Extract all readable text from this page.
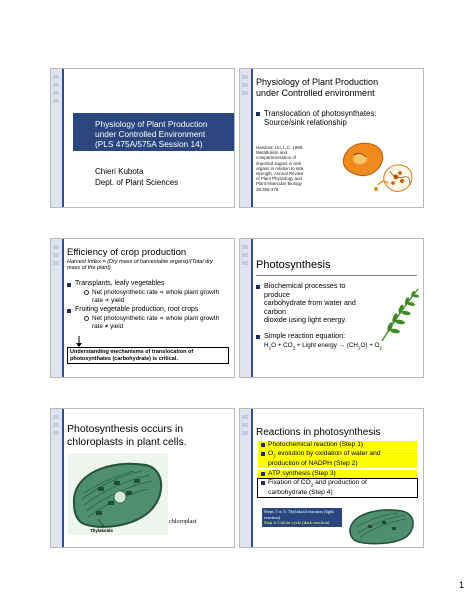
Physiology of Plant Production
under Controlled Environment
(PLS 475A/575A Session 14)
Chieri Kubota
Dept. of Plant Sciences
Physiology of Plant Production
under Controlled environment
Translocation of photosynthates:
Source/sink relationship
Handout: Ho, L.C. 1988.
Metabolism and
compartmentation of
imported sugars in sink
organs in relation to sink
strength. Annual Review
of Plant Physiology and
Plant Molecular Biology
39:355-378.
Efficiency of crop production
Harvest Index = (Dry mass of harvestable organs)/(Total dry
mass of the plant)
Transplants, leafy vegetables
Net photosynthetic rate ∝ whole plant growth
rate ∝ yield
Fruiting vegetable production, root crops
Net photosynthetic rate ∝ whole plant growth
rate ≠ yield
Understanding mechanisms of translocation of
photosynthates (carbohydrate) is critical.
Photosynthesis
Biochemical processes to produce
carbohydrate from water and carbon
dioxide using light energy.
Simple reaction equation:
$H_2O + CO_2$ + Light energy → $(CH_2O) + O_2$
Photosynthesis occurs in
chloroplasts in plant cells.
Thylakoids
chloroplast
Reactions in photosynthesis
Photochemical reaction (Step 1)
$O_2$ evolution by oxidation of water and
production of NADPH (Step 2)
ATP synthesis (Step 3)
Fixation of $CO_2$ and production of
carbohydrate (Step 4)
Steps 1 to 3: Thylakoid reaction (light
reaction)
Step 4: Calvin cycle (dark reaction)
1
